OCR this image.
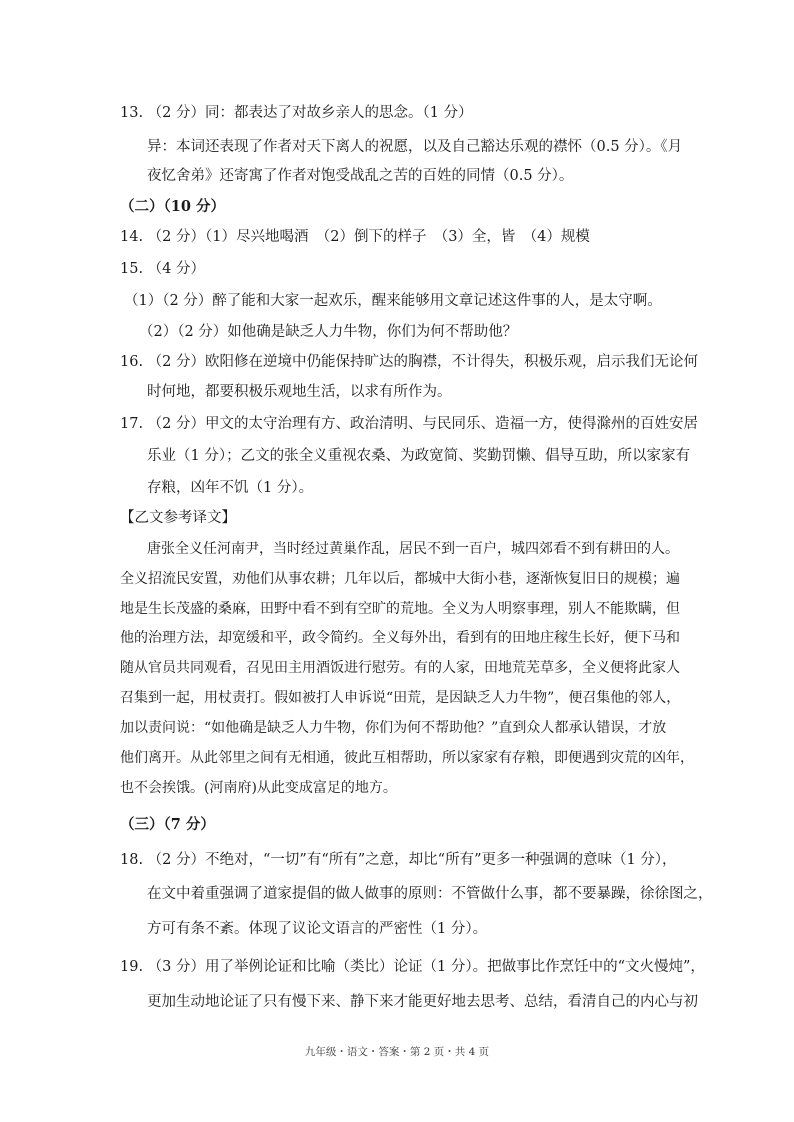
13. （2 分）同：都表达了对故乡亲人的思念。（1 分）
异：本词还表现了作者对天下离人的祝愿，以及自己豁达乐观的襟怀（0.5 分）。《月
夜忆舍弟》还寄寓了作者对饱受战乱之苦的百姓的同情（0.5 分）。
（二）（10 分）
14. （2 分）（1）尽兴地喝酒　（2）倒下的样子　（3）全，皆　（4）规模
15. （4 分）
（1）（2 分）醉了能和大家一起欢乐，醒来能够用文章记述这件事的人，是太守啊。
（2）（2 分）如他确是缺乏人力牛物，你们为何不帮助他？
16. （2 分）欧阳修在逆境中仍能保持旷达的胸襟，不计得失，积极乐观，启示我们无论何
时何地，都要积极乐观地生活，以求有所作为。
17. （2 分）甲文的太守治理有方、政治清明、与民同乐、造福一方，使得滁州的百姓安居
乐业（1 分）；乙文的张全义重视农桑、为政宽简、奖勤罚懒、倡导互助，所以家家有
存粮，凶年不饥（1 分）。
【乙文参考译文】
唐张全义任河南尹，当时经过黄巢作乱，居民不到一百户，城四郊看不到有耕田的人。
全义招流民安置，劝他们从事农耕；几年以后，都城中大街小巷，逐渐恢复旧日的规模；遍
地是生长茂盛的桑麻，田野中看不到有空旷的荒地。全义为人明察事理，别人不能欺瞒，但
他的治理方法，却宽缓和平，政令简约。全义每外出，看到有的田地庄稼生长好，便下马和
随从官员共同观看，召见田主用酒饭进行慰劳。有的人家，田地荒芜草多，全义便将此家人
召集到一起，用杖责打。假如被打人申诉说“田荒，是因缺乏人力牛物”，便召集他的邻人，
加以责问说：“如他确是缺乏人力牛物，你们为何不帮助他？”直到众人都承认错误，才放
他们离开。从此邻里之间有无相通，彼此互相帮助，所以家家有存粮，即便遇到灾荒的凶年，
也不会挨饿。(河南府)从此变成富足的地方。
（三）（7 分）
18. （2 分）不绝对，“一切”有“所有”之意，却比“所有”更多一种强调的意味（1 分），
在文中着重强调了道家提倡的做人做事的原则：不管做什么事，都不要暴躁，徐徐图之，
方可有条不紊。体现了议论文语言的严密性（1 分）。
19. （3 分）用了举例论证和比喻（类比）论证（1 分）。把做事比作烹饪中的“文火慢炖”，
更加生动地论证了只有慢下来、静下来才能更好地去思考、总结，看清自己的内心与初
九年级・语文・答案・第 2 页・共 4 页
